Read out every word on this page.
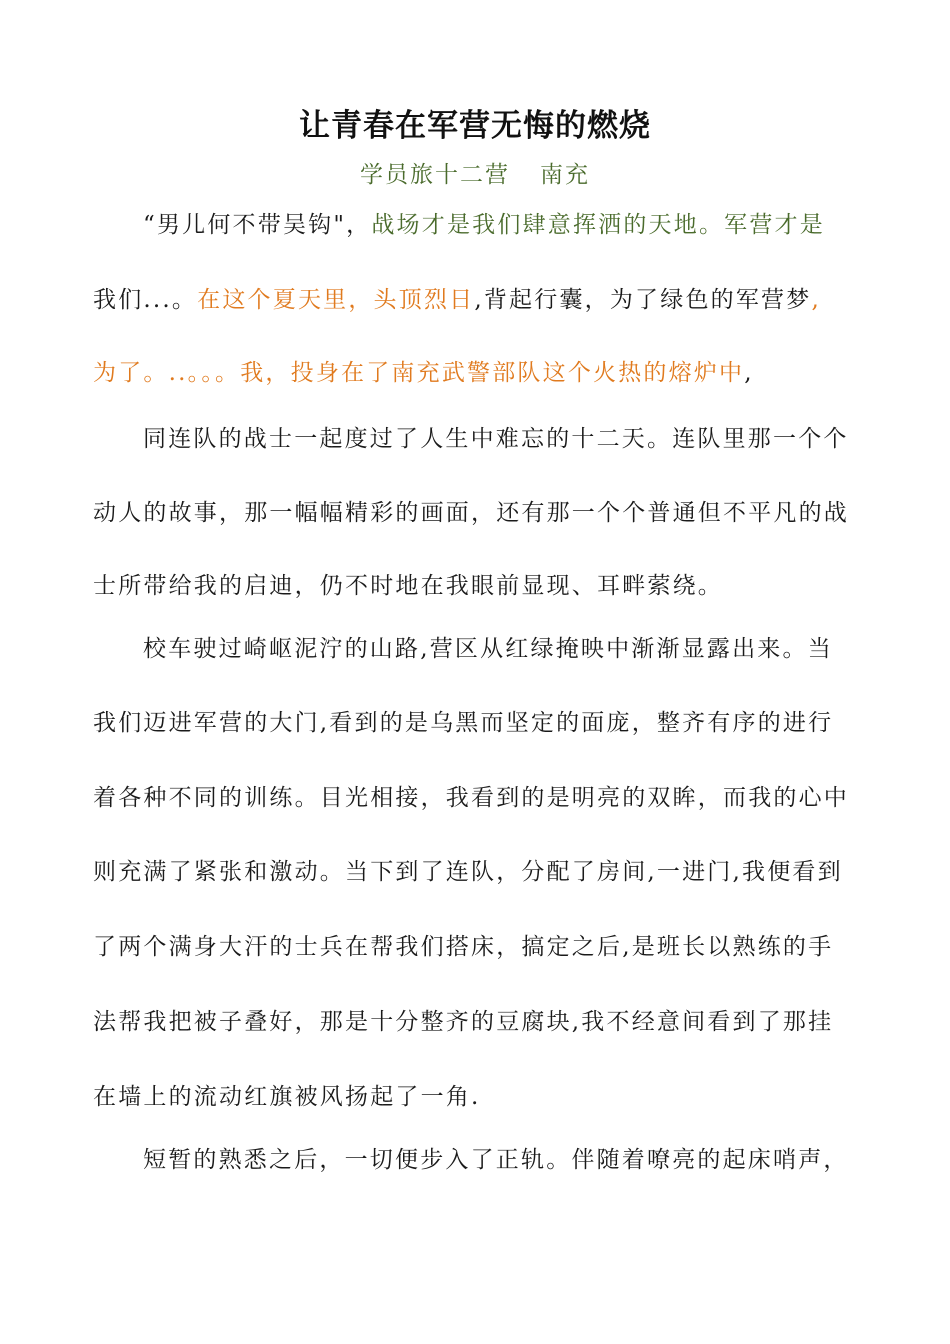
让青春在军营无悔的燃烧
学员旅十二营 南充
“男儿何不带吴钩"，战场才是我们肆意挥洒的天地。军营才是
我们...。在这个夏天里，头顶烈日,背起行囊，为了绿色的军营梦,
为了。..。。。我，投身在了南充武警部队这个火热的熔炉中,
同连队的战士一起度过了人生中难忘的十二天。连队里那一个个
动人的故事，那一幅幅精彩的画面，还有那一个个普通但不平凡的战
士所带给我的启迪，仍不时地在我眼前显现、耳畔萦绕。
校车驶过崎岖泥泞的山路,营区从红绿掩映中渐渐显露出来。当
我们迈进军营的大门,看到的是乌黑而坚定的面庞，整齐有序的进行
着各种不同的训练。目光相接，我看到的是明亮的双眸，而我的心中
则充满了紧张和激动。当下到了连队，分配了房间,一进门,我便看到
了两个满身大汗的士兵在帮我们搭床，搞定之后,是班长以熟练的手
法帮我把被子叠好，那是十分整齐的豆腐块,我不经意间看到了那挂
在墙上的流动红旗被风扬起了一角.
短暂的熟悉之后，一切便步入了正轨。伴随着嘹亮的起床哨声，
